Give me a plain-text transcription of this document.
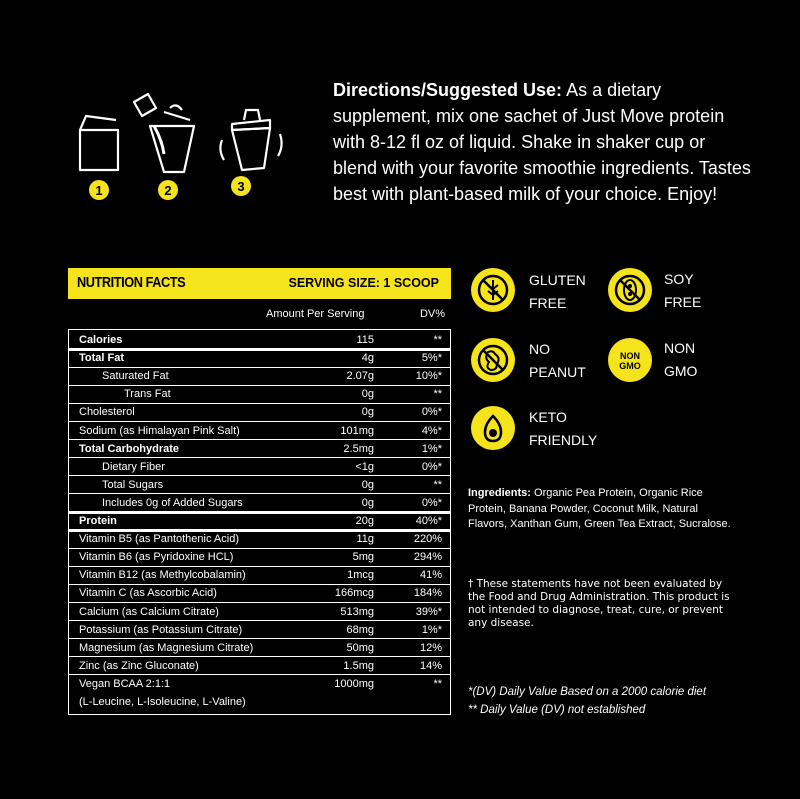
1	2	3
Directions/Suggested Use: As a dietary supplement, mix one sachet of Just Move protein with 8-12 fl oz of liquid. Shake in shaker cup or blend with your favorite smoothie ingredients. Tastes best with plant-based milk of your choice. Enjoy!
NUTRITION FACTS	SERVING SIZE: 1 SCOOP
Amount Per Serving	DV%
Calories	115	**
Total Fat	4g	5%*
Saturated Fat	2.07g	10%*
Trans Fat	0g	**
Cholesterol	0g	0%*
Sodium (as Himalayan Pink Salt)	101mg	4%*
Total Carbohydrate	2.5mg	1%*
Dietary Fiber	<1g	0%*
Total Sugars	0g	**
Includes 0g of Added Sugars	0g	0%*
Protein	20g	40%*
Vitamin B5 (as Pantothenic Acid)	11g	220%
Vitamin B6 (as Pyridoxine HCL)	5mg	294%
Vitamin B12 (as Methylcobalamin)	1mcg	41%
Vitamin C (as Ascorbic Acid)	166mcg	184%
Calcium (as Calcium Citrate)	513mg	39%*
Potassium (as Potassium Citrate)	68mg	1%*
Magnesium (as Magnesium Citrate)	50mg	12%
Zinc (as Zinc Gluconate)	1.5mg	14%
Vegan BCAA 2:1:1	1000mg	**
(L-Leucine, L-Isoleucine, L-Valine)
GLUTEN
FREE
SOY
FREE
NO
PEANUT
NON
GMO
NON
GMO
KETO
FRIENDLY
Ingredients: Organic Pea Protein, Organic Rice Protein, Banana Powder, Coconut Milk, Natural Flavors, Xanthan Gum, Green Tea Extract, Sucralose.
† These statements have not been evaluated by the Food and Drug Administration. This product is not intended to diagnose, treat, cure, or prevent any disease.
*(DV) Daily Value Based on a 2000 calorie diet
** Daily Value (DV) not established
